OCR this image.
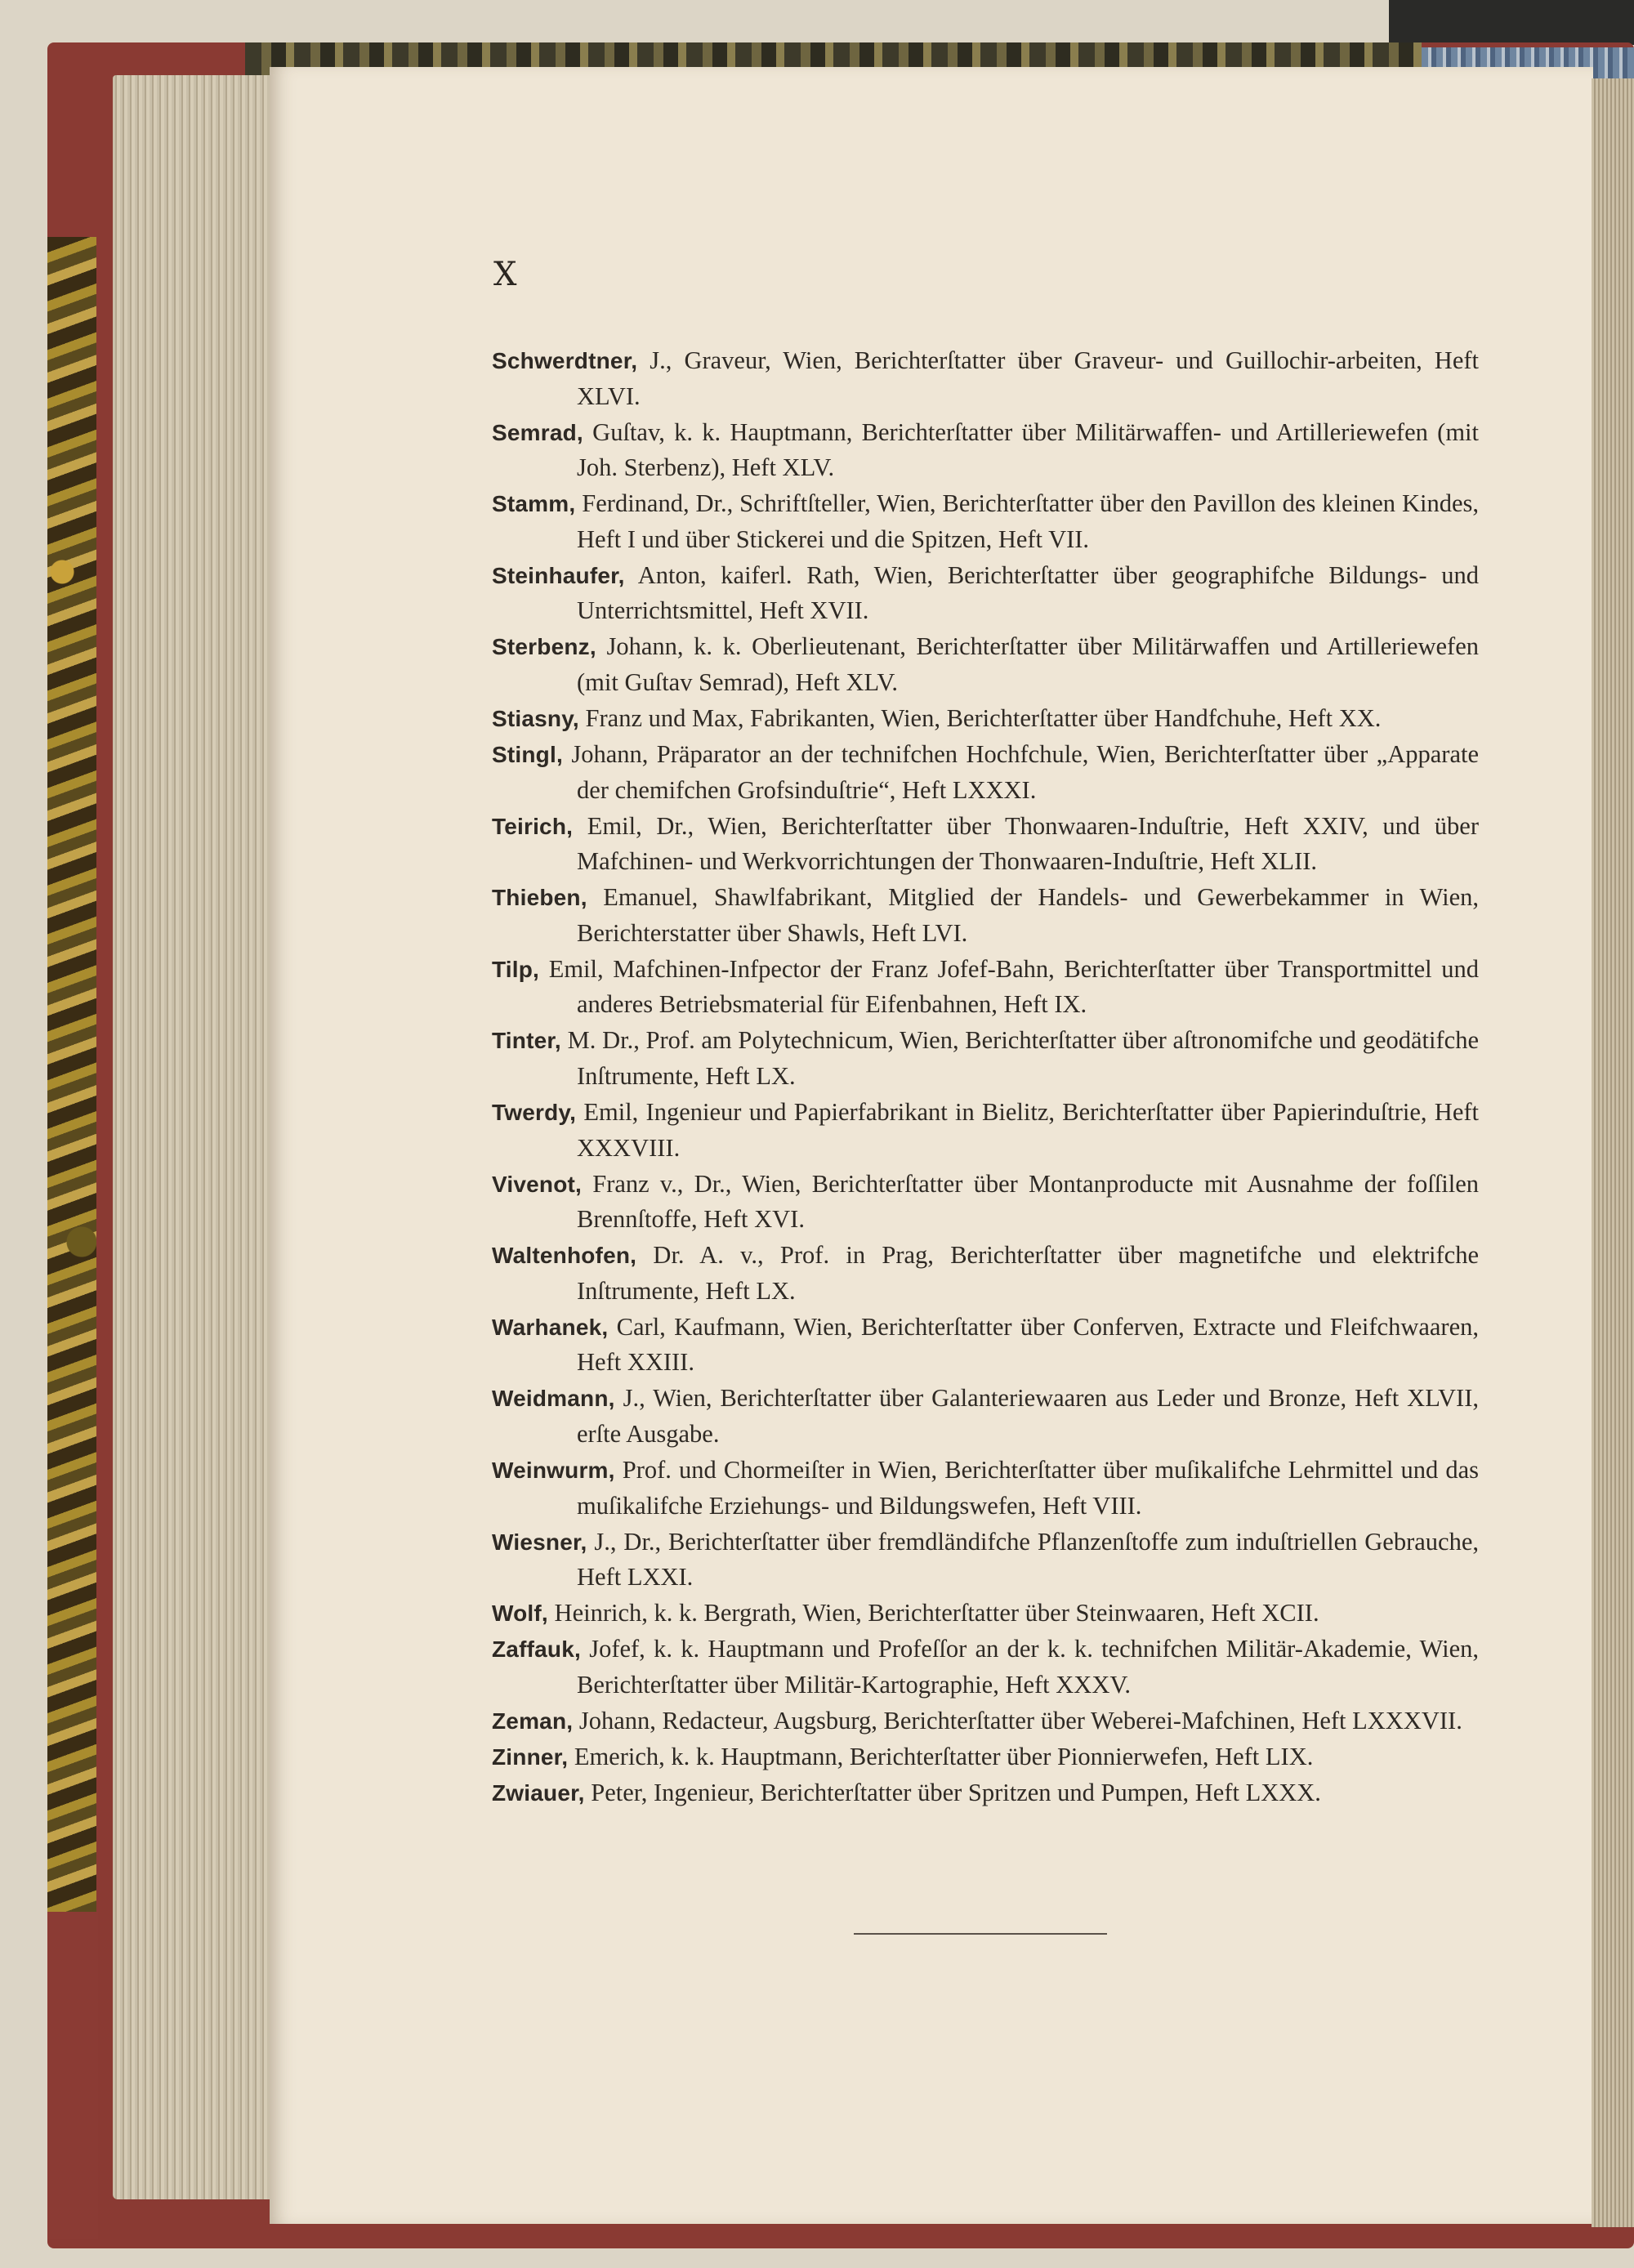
X

Schwerdtner, J., Graveur, Wien, Berichterſtatter über Graveur- und Guillochir-arbeiten, Heft XLVI.
Semrad, Guſtav, k. k. Hauptmann, Berichterſtatter über Militärwaffen- und Artilleriewefen (mit Joh. Sterbenz), Heft XLV.
Stamm, Ferdinand, Dr., Schriftſteller, Wien, Berichterſtatter über den Pavillon des kleinen Kindes, Heft I und über Stickerei und die Spitzen, Heft VII.
Steinhaufer, Anton, kaiferl. Rath, Wien, Berichterſtatter über geographifche Bildungs- und Unterrichtsmittel, Heft XVII.
Sterbenz, Johann, k. k. Oberlieutenant, Berichterſtatter über Militärwaffen und Artilleriewefen (mit Guſtav Semrad), Heft XLV.
Stiasny, Franz und Max, Fabrikanten, Wien, Berichterſtatter über Handfchuhe, Heft XX.
Stingl, Johann, Präparator an der technifchen Hochfchule, Wien, Berichterſtatter über „Apparate der chemifchen Grofsinduſtrie“, Heft LXXXI.
Teirich, Emil, Dr., Wien, Berichterſtatter über Thonwaaren-Induſtrie, Heft XXIV, und über Mafchinen- und Werkvorrichtungen der Thonwaaren-Induſtrie, Heft XLII.
Thieben, Emanuel, Shawlfabrikant, Mitglied der Handels- und Gewerbekammer in Wien, Berichterstatter über Shawls, Heft LVI.
Tilp, Emil, Mafchinen-Infpector der Franz Jofef-Bahn, Berichterſtatter über Transportmittel und anderes Betriebsmaterial für Eifenbahnen, Heft IX.
Tinter, M. Dr., Prof. am Polytechnicum, Wien, Berichterſtatter über aſtronomifche und geodätifche Inſtrumente, Heft LX.
Twerdy, Emil, Ingenieur und Papierfabrikant in Bielitz, Berichterſtatter über Papierinduſtrie, Heft XXXVIII.
Vivenot, Franz v., Dr., Wien, Berichterſtatter über Montanproducte mit Ausnahme der foſſilen Brennſtoffe, Heft XVI.
Waltenhofen, Dr. A. v., Prof. in Prag, Berichterſtatter über magnetifche und elektrifche Inſtrumente, Heft LX.
Warhanek, Carl, Kaufmann, Wien, Berichterſtatter über Conferven, Extracte und Fleifchwaaren, Heft XXIII.
Weidmann, J., Wien, Berichterſtatter über Galanteriewaaren aus Leder und Bronze, Heft XLVII, erſte Ausgabe.
Weinwurm, Prof. und Chormeiſter in Wien, Berichterſtatter über muſikalifche Lehrmittel und das muſikalifche Erziehungs- und Bildungswefen, Heft VIII.
Wiesner, J., Dr., Berichterſtatter über fremdländifche Pflanzenſtoffe zum induſtriellen Gebrauche, Heft LXXI.
Wolf, Heinrich, k. k. Bergrath, Wien, Berichterſtatter über Steinwaaren, Heft XCII.
Zaffauk, Jofef, k. k. Hauptmann und Profeſſor an der k. k. technifchen Militär-Akademie, Wien, Berichterſtatter über Militär-Kartographie, Heft XXXV.
Zeman, Johann, Redacteur, Augsburg, Berichterſtatter über Weberei-Mafchinen, Heft LXXXVII.
Zinner, Emerich, k. k. Hauptmann, Berichterſtatter über Pionnierwefen, Heft LIX.
Zwiauer, Peter, Ingenieur, Berichterſtatter über Spritzen und Pumpen, Heft LXXX.
